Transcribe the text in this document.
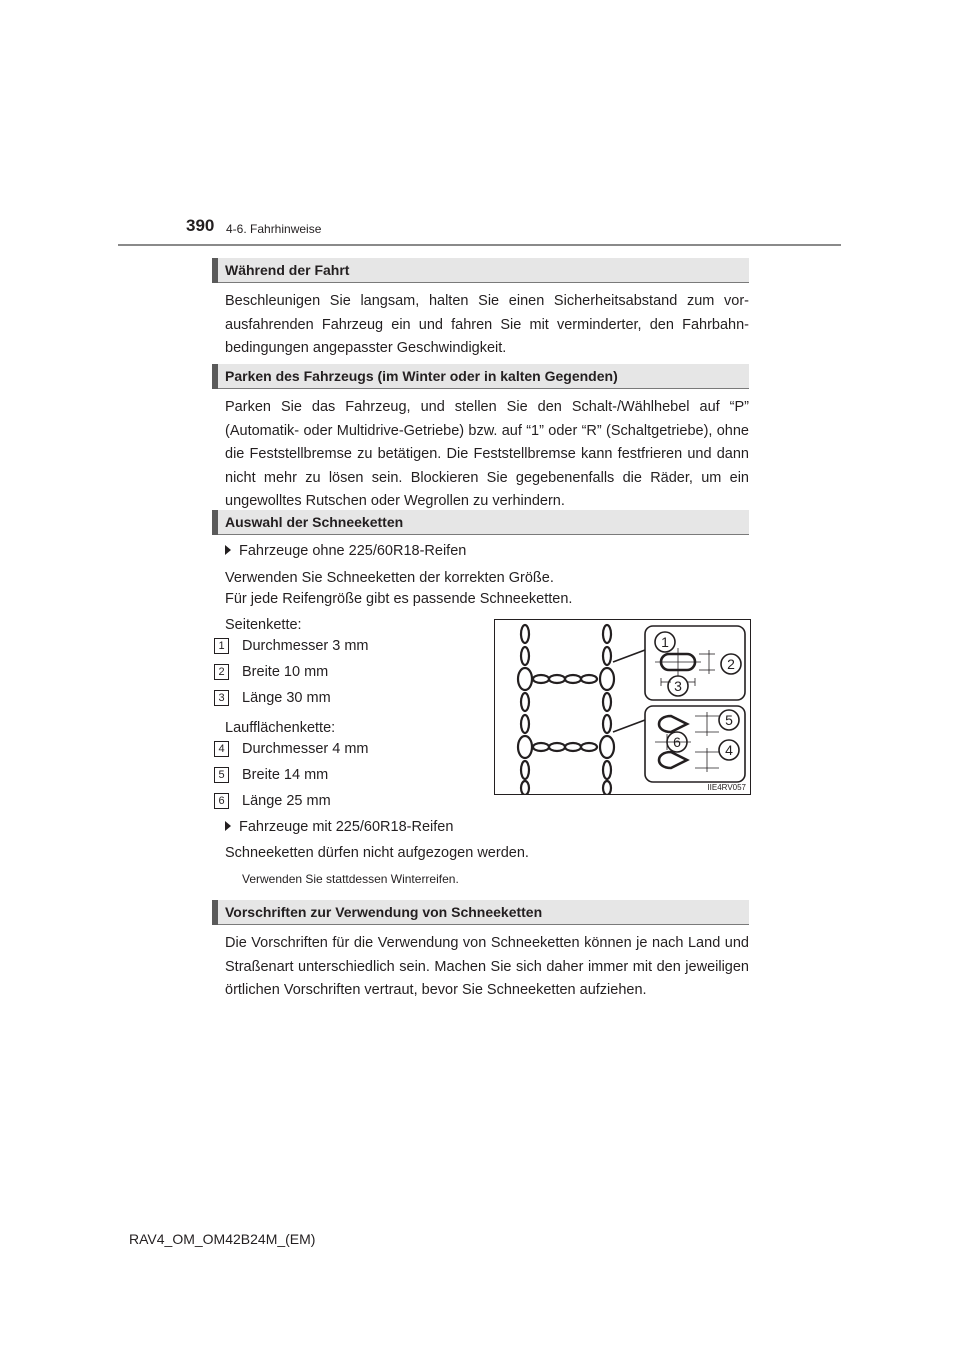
390 4-6. Fahrhinweise
Während der Fahrt
Beschleunigen Sie langsam, halten Sie einen Sicherheitsabstand zum vor-ausfahrenden Fahrzeug ein und fahren Sie mit verminderter, den Fahrbahn-bedingungen angepasster Geschwindigkeit.
Parken des Fahrzeugs (im Winter oder in kalten Gegenden)
Parken Sie das Fahrzeug, und stellen Sie den Schalt-/Wählhebel auf “P” (Automatik- oder Multidrive-Getriebe) bzw. auf “1” oder “R” (Schaltgetriebe), ohne die Feststellbremse zu betätigen. Die Feststellbremse kann festfrieren und dann nicht mehr zu lösen sein. Blockieren Sie gegebenenfalls die Räder, um ein ungewolltes Rutschen oder Wegrollen zu verhindern.
Auswahl der Schneeketten
Fahrzeuge ohne 225/60R18-Reifen
Verwenden Sie Schneeketten der korrekten Größe.
Für jede Reifengröße gibt es passende Schneeketten.
Seitenkette:
1	Durchmesser 3 mm
2	Breite 10 mm
3	Länge 30 mm
Laufflächenkette:
4	Durchmesser 4 mm
5	Breite 14 mm
6	Länge 25 mm
1
2
3
5
6	4
IIE4RV057
Fahrzeuge mit 225/60R18-Reifen
Schneeketten dürfen nicht aufgezogen werden.
Verwenden Sie stattdessen Winterreifen.
Vorschriften zur Verwendung von Schneeketten
Die Vorschriften für die Verwendung von Schneeketten können je nach Land und Straßenart unterschiedlich sein. Machen Sie sich daher immer mit den jeweiligen örtlichen Vorschriften vertraut, bevor Sie Schneeketten aufziehen.
RAV4_OM_OM42B24M_(EM)
